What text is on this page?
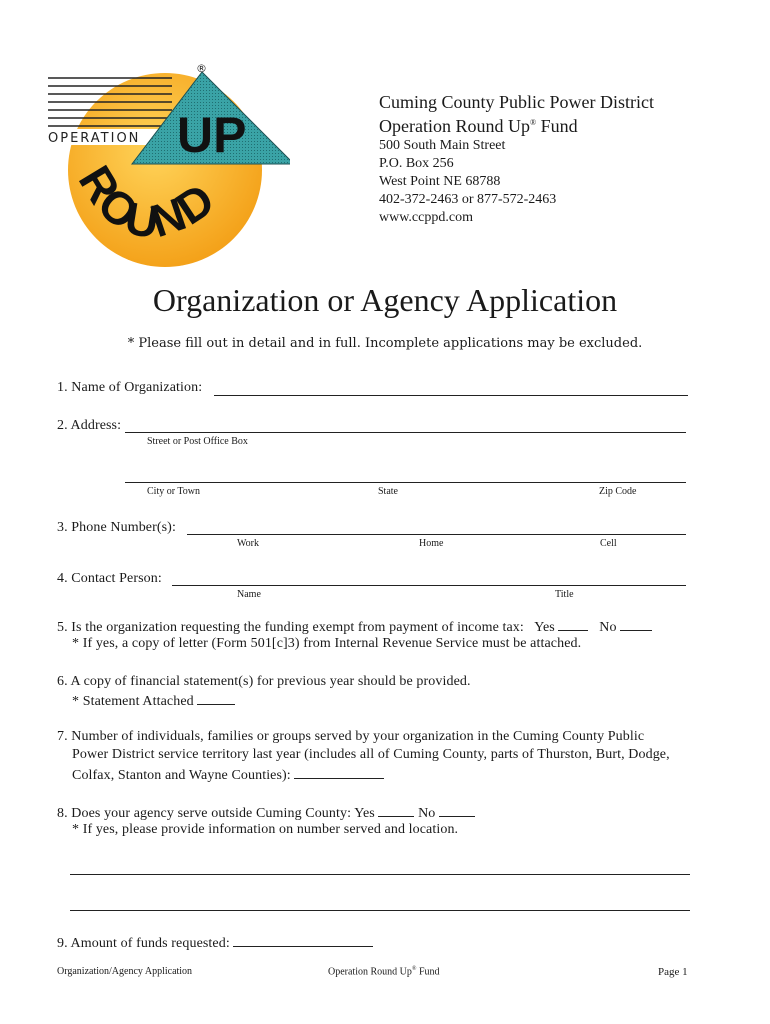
®
OPERATION UP
ROUND
Cuming County Public Power District
Operation Round Up® Fund
500 South Main Street
P.O. Box 256
West Point NE 68788
402-372-2463 or 877-572-2463
www.ccppd.com
Organization or Agency Application
* Please fill out in detail and in full. Incomplete applications may be excluded.
1. Name of Organization:
2. Address:
Street or Post Office Box
City or Town	State	Zip Code
3. Phone Number(s):
Work	Home	Cell
4. Contact Person:
Name	Title
5. Is the organization requesting the funding exempt from payment of income tax: Yes	No
* If yes, a copy of letter (Form 501[c]3) from Internal Revenue Service must be attached.
6. A copy of financial statement(s) for previous year should be provided.
* Statement Attached
7. Number of individuals, families or groups served by your organization in the Cuming County Public
Power District service territory last year (includes all of Cuming County, parts of Thurston, Burt, Dodge,
Colfax, Stanton and Wayne Counties):
8. Does your agency serve outside Cuming County: Yes	No
* If yes, please provide information on number served and location.
9. Amount of funds requested:
Organization/Agency Application	Operation Round Up® Fund	Page 1
